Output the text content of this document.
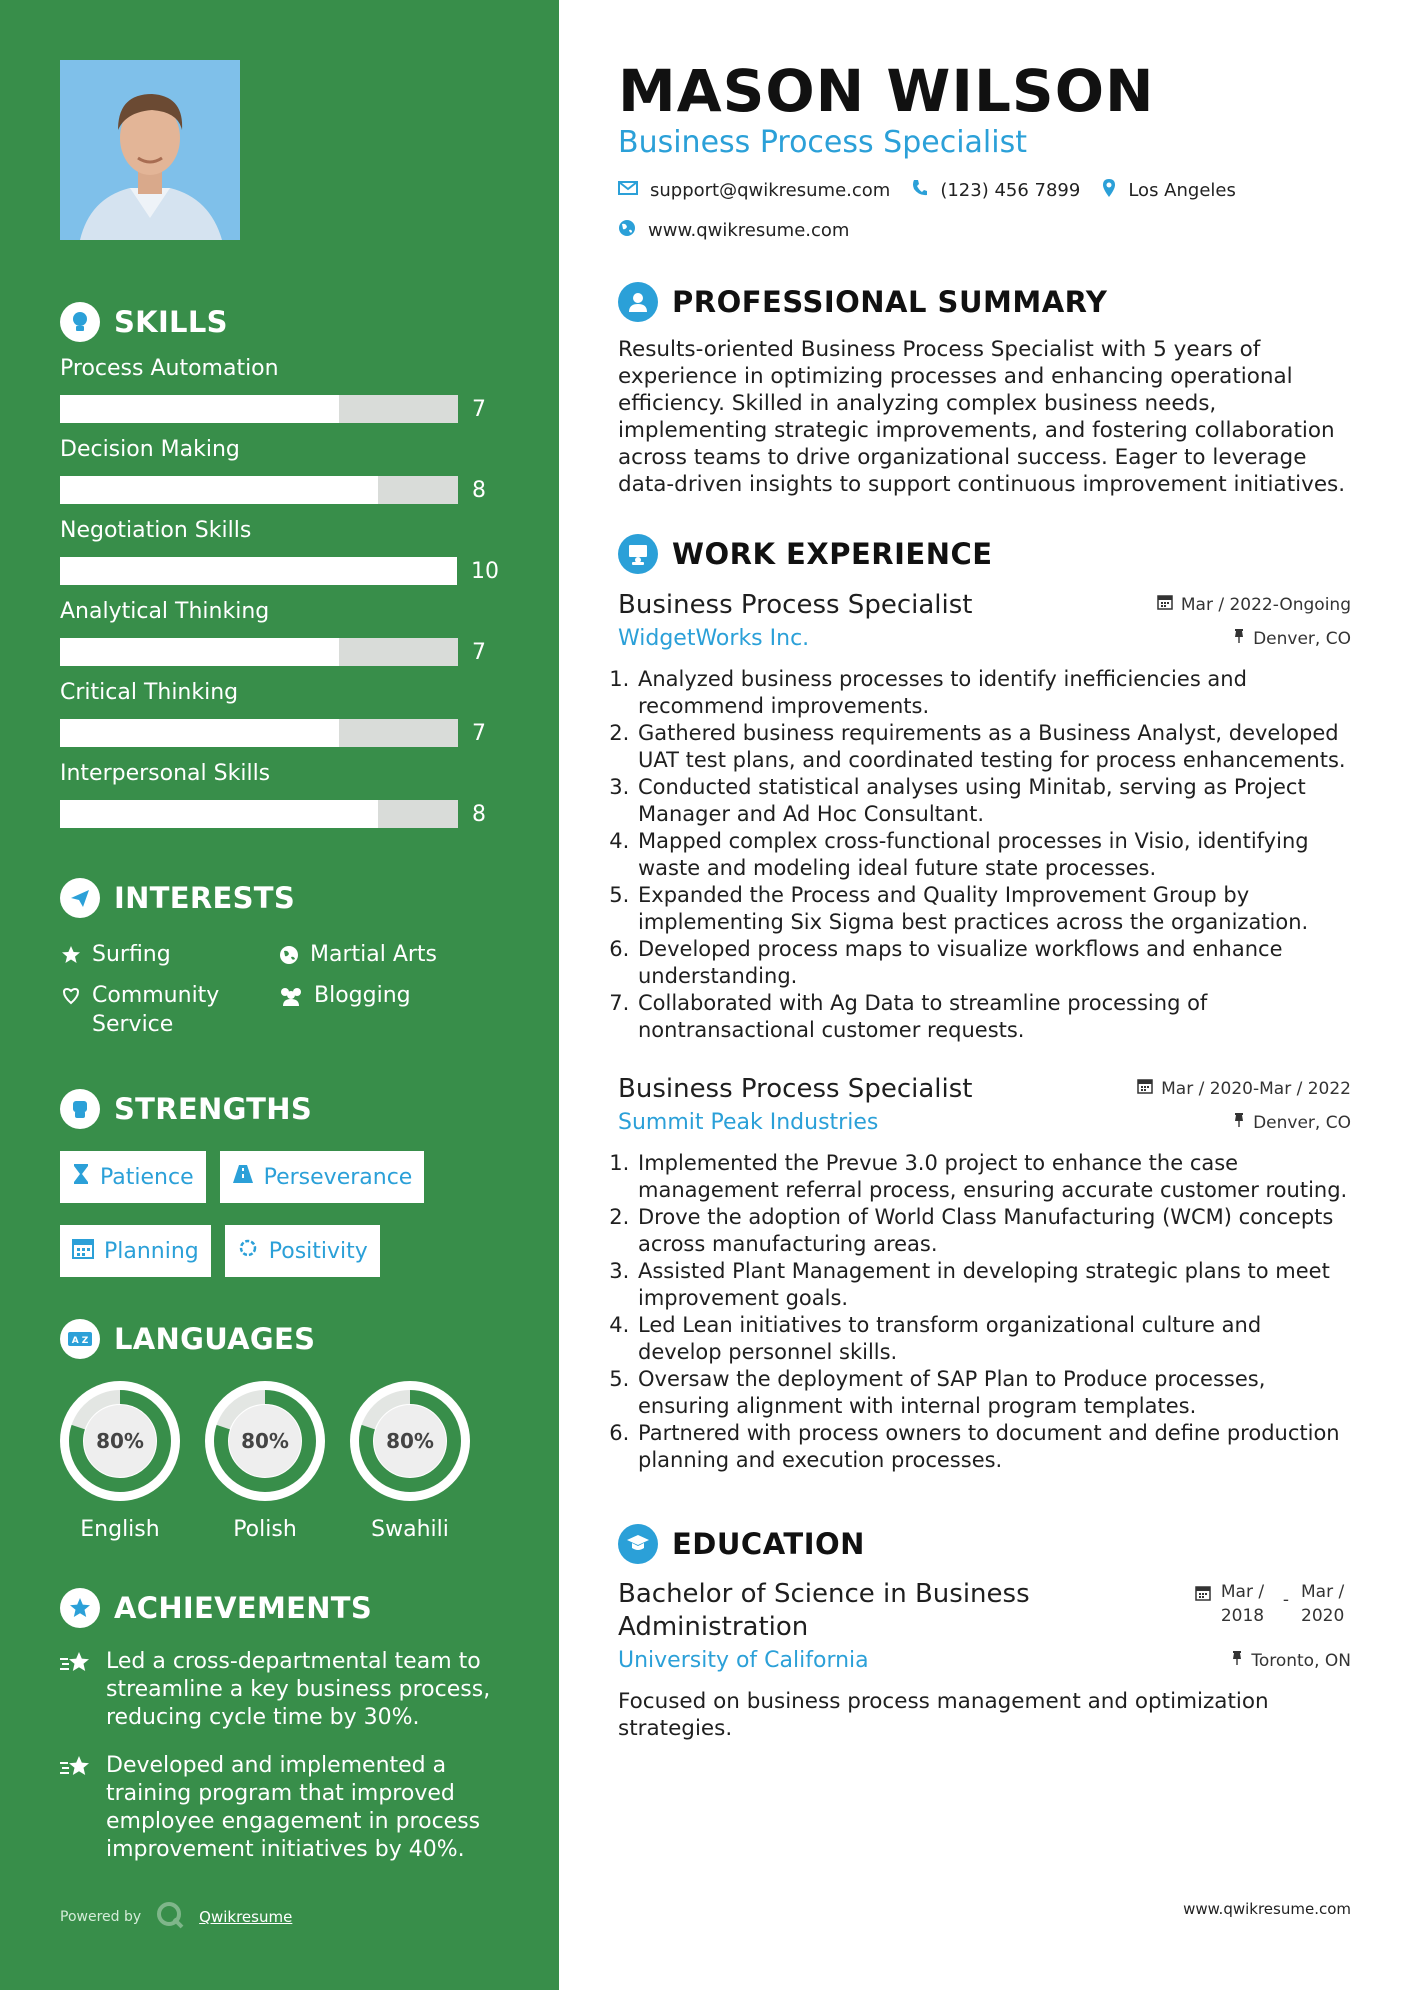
SKILLS
Process Automation
7
Decision Making
8
Negotiation Skills
10
Analytical Thinking
7
Critical Thinking
7
Interpersonal Skills
8
INTERESTS
Surfing	Martial Arts
Community Service
Blogging
STRENGTHS
Patience	Perseverance
Planning	Positivity
A Z LANGUAGES
80%
English
80%
Polish
80%
Swahili
ACHIEVEMENTS
Led a cross-departmental team to streamline a key business process, reducing cycle time by 30%.
Developed and implemented a training program that improved employee engagement in process improvement initiatives by 40%.
Powered by	Qwikresume
MASON WILSON
Business Process Specialist
support@qwikresume.com	(123) 456 7899	Los Angeles
www.qwikresume.com
PROFESSIONAL SUMMARY
Results-oriented Business Process Specialist with 5 years of experience in optimizing processes and enhancing operational efficiency. Skilled in analyzing complex business needs, implementing strategic improvements, and fostering collaboration across teams to drive organizational success. Eager to leverage data-driven insights to support continuous improvement initiatives.
WORK EXPERIENCE
Business Process Specialist	Mar / 2022-Ongoing
WidgetWorks Inc.	Denver, CO
1. Analyzed business processes to identify inefficiencies and recommend improvements.
2. Gathered business requirements as a Business Analyst, developed UAT test plans, and coordinated testing for process enhancements.
3. Conducted statistical analyses using Minitab, serving as Project Manager and Ad Hoc Consultant.
4. Mapped complex cross-functional processes in Visio, identifying waste and modeling ideal future state processes.
5. Expanded the Process and Quality Improvement Group by implementing Six Sigma best practices across the organization.
6. Developed process maps to visualize workflows and enhance understanding.
7. Collaborated with Ag Data to streamline processing of nontransactional customer requests.
Business Process Specialist	Mar / 2020-Mar / 2022
Summit Peak Industries	Denver, CO
1. Implemented the Prevue 3.0 project to enhance the case management referral process, ensuring accurate customer routing.
2. Drove the adoption of World Class Manufacturing (WCM) concepts across manufacturing areas.
3. Assisted Plant Management in developing strategic plans to meet improvement goals.
4. Led Lean initiatives to transform organizational culture and develop personnel skills.
5. Oversaw the deployment of SAP Plan to Produce processes, ensuring alignment with internal program templates.
6. Partnered with process owners to document and define production planning and execution processes.
EDUCATION
Bachelor of Science in Business Administration
Mar / 2018
- Mar / 2020
University of California	Toronto, ON
Focused on business process management and optimization strategies.
www.qwikresume.com
